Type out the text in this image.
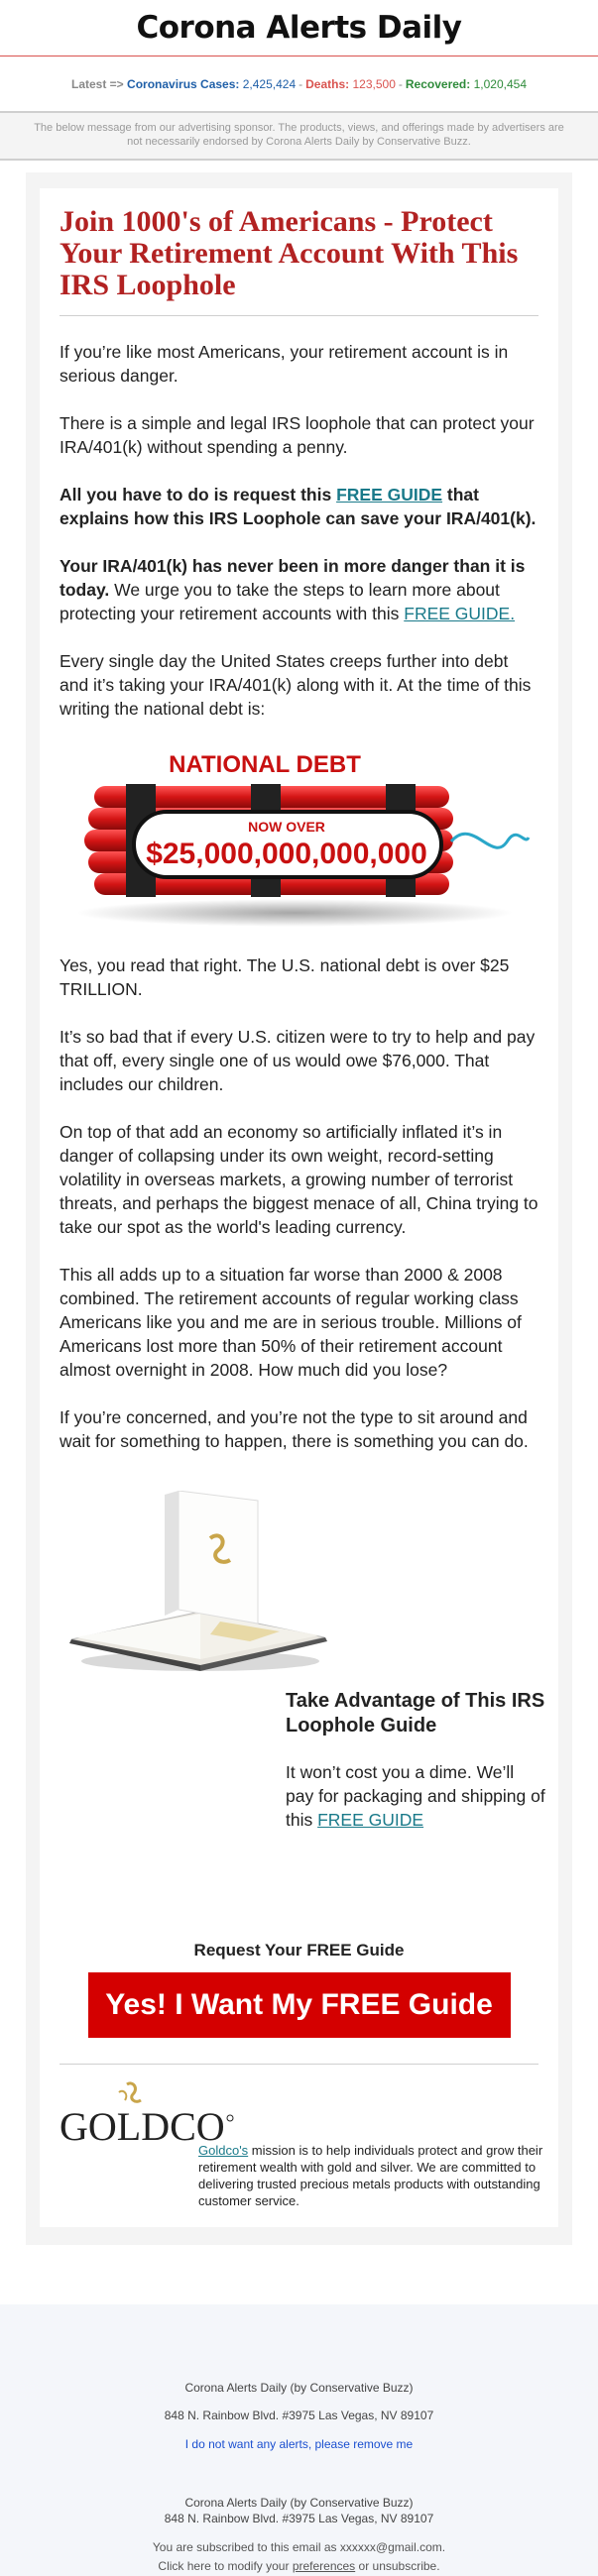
Corona Alerts Daily
Latest =>
Coronavirus Cases:
2,425,424 - Deaths:
123,500 - Recovered:
1,020,454
The below message from our advertising sponsor. The products, views, and offerings made by advertisers are not necessarily endorsed by Corona Alerts Daily by Conservative Buzz.
Join 1000's of Americans - Protect Your Retirement Account With This IRS Loophole

If you’re like most Americans, your retirement account is in serious danger.

There is a simple and legal IRS loophole that can protect your IRA/401(k) without spending a penny.

All you have to do is request this FREE GUIDE that explains how this IRS Loophole can save your IRA/401(k).

Your IRA/401(k) has never been in more danger than it is today. We urge you to take the steps to learn more about protecting your retirement accounts with this FREE GUIDE.

Every single day the United States creeps further into debt and it’s taking your IRA/401(k) along with it. At the time of this writing the national debt is:

NATIONAL DEBT
NOW OVER
$25,000,000,000,000

Yes, you read that right. The U.S. national debt is over $25 TRILLION.

It’s so bad that if every U.S. citizen were to try to help and pay that off, every single one of us would owe $76,000. That includes our children.

On top of that add an economy so artificially inflated it’s in danger of collapsing under its own weight, record-setting volatility in overseas markets, a growing number of terrorist threats, and perhaps the biggest menace of all, China trying to take our spot as the world's leading currency.

This all adds up to a situation far worse than 2000 & 2008 combined. The retirement accounts of regular working class Americans like you and me are in serious trouble. Millions of Americans lost more than 50% of their retirement account almost overnight in 2008. How much did you lose?

If you’re concerned, and you’re not the type to sit around and wait for something to happen, there is something you can do.

Take Advantage of This IRS Loophole Guide
It won’t cost you a dime. We’ll pay for packaging and shipping of this FREE GUIDE
Request Your FREE Guide
Yes! I Want My FREE Guide
GOLDCO
Goldco's mission is to help individuals protect and grow their retirement wealth with gold and silver. We are committed to delivering trusted precious metals products with outstanding customer service.
Corona Alerts Daily (by Conservative Buzz)
848 N. Rainbow Blvd. #3975 Las Vegas, NV 89107
I do not want any alerts, please remove me
Corona Alerts Daily (by Conservative Buzz)
848 N. Rainbow Blvd. #3975 Las Vegas, NV 89107
You are subscribed to this email as xxxxxx@gmail.com.
Click here to modify your preferences or unsubscribe.
